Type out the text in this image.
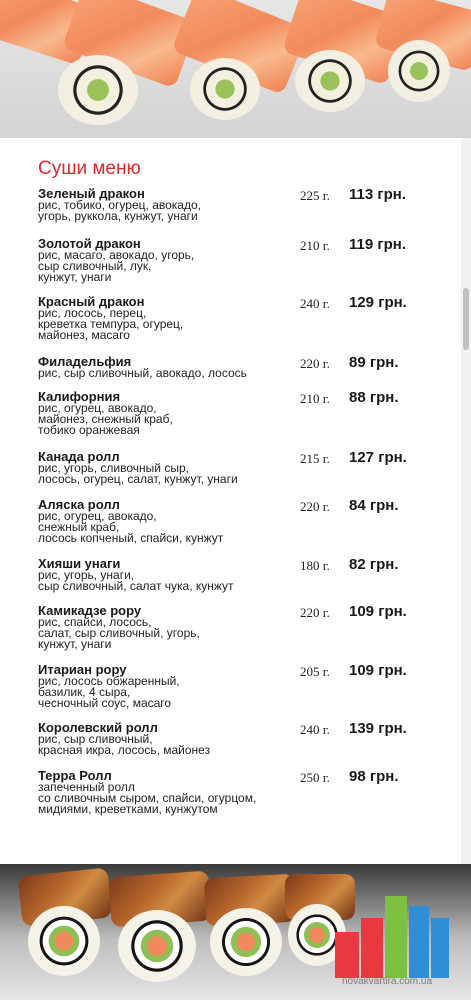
Суши меню
Зеленый дракон
рис, тобико, огурец, авокадо,
угорь, руккола, кунжут, унаги
225 г. 113 грн.
Золотой дракон
рис, масаго, авокадо, угорь,
сыр сливочный, лук,
кунжут, унаги
210 г. 119 грн.
Красный дракон
рис, лосось, перец,
креветка темпура, огурец,
майонез, масаго
240 г. 129 грн.
Филадельфия
рис, сыр сливочный, авокадо, лосось
220 г. 89 грн.
Калифорния
рис, огурец, авокадо,
майонез, снежный краб,
тобико оранжевая
210 г. 88 грн.
Канада ролл
рис, угорь, сливочный сыр,
лосось, огурец, салат, кунжут, унаги
215 г. 127 грн.
Аляска ролл
рис, огурец, авокадо,
снежный краб,
лосось копченый, спайси, кунжут
220 г. 84 грн.
Хияши унаги
рис, угорь, унаги,
сыр сливочный, салат чука, кунжут
180 г. 82 грн.
Камикадзе рору
рис, спайси, лосось,
салат, сыр сливочный, угорь,
кунжут, унаги
220 г. 109 грн.
Итариан рору
рис, лосось обжаренный,
базилик, 4 сыра,
чесночный соус, масаго
205 г. 109 грн.
Королевский ролл
рис, сыр сливочный,
красная икра, лосось, майонез
240 г. 139 грн.
Терра Ролл
запеченный ролл
со сливочным сыром, спайси, огурцом,
мидиями, креветками, кунжутом
250 г. 98 грн.
novakvartira.com.ua
